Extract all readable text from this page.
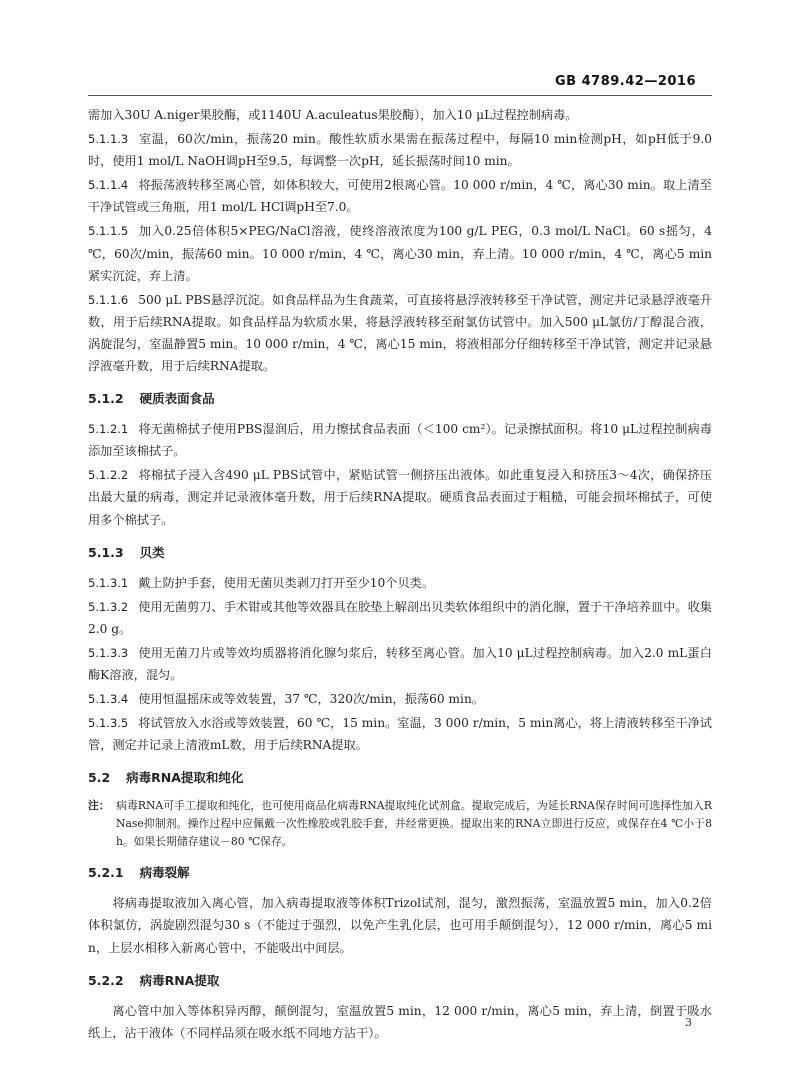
GB 4789.42—2016
需加入30U A.niger果胶酶，或1140U A.aculeatus果胶酶），加入10 μL过程控制病毒。
5.1.1.3 室温，60次/min，振荡20 min。酸性软质水果需在振荡过程中，每隔10 min检测pH，如pH低于9.0时，使用1 mol/L NaOH调pH至9.5，每调整一次pH，延长振荡时间10 min。
5.1.1.4 将振荡液转移至离心管，如体积较大，可使用2根离心管。10 000 r/min，4 ℃，离心30 min。取上清至干净试管或三角瓶，用1 mol/L HCl调pH至7.0。
5.1.1.5 加入0.25倍体积5×PEG/NaCl溶液，使终溶液浓度为100 g/L PEG，0.3 mol/L NaCl。60 s摇匀，4 ℃，60次/min，振荡60 min。10 000 r/min，4 ℃，离心30 min，弃上清。10 000 r/min，4 ℃，离心5 min紧实沉淀，弃上清。
5.1.1.6 500 μL PBS悬浮沉淀。如食品样品为生食蔬菜，可直接将悬浮液转移至干净试管，测定并记录悬浮液毫升数，用于后续RNA提取。如食品样品为软质水果，将悬浮液转移至耐氯仿试管中。加入500 μL氯仿/丁醇混合液，涡旋混匀，室温静置5 min。10 000 r/min，4 ℃，离心15 min，将液相部分仔细转移至干净试管，测定并记录悬浮液毫升数，用于后续RNA提取。
5.1.2 硬质表面食品
5.1.2.1 将无菌棉拭子使用PBS湿润后，用力擦拭食品表面（＜100 cm²）。记录擦拭面积。将10 μL过程控制病毒添加至该棉拭子。
5.1.2.2 将棉拭子浸入含490 μL PBS试管中，紧贴试管一侧挤压出液体。如此重复浸入和挤压3～4次，确保挤压出最大量的病毒，测定并记录液体毫升数，用于后续RNA提取。硬质食品表面过于粗糙，可能会损坏棉拭子，可使用多个棉拭子。
5.1.3 贝类
5.1.3.1 戴上防护手套，使用无菌贝类剥刀打开至少10个贝类。
5.1.3.2 使用无菌剪刀、手术钳或其他等效器具在胶垫上解剖出贝类软体组织中的消化腺，置于干净培养皿中。收集2.0 g。
5.1.3.3 使用无菌刀片或等效均质器将消化腺匀浆后，转移至离心管。加入10 μL过程控制病毒。加入2.0 mL蛋白酶K溶液，混匀。
5.1.3.4 使用恒温摇床或等效装置，37 ℃，320次/min，振荡60 min。
5.1.3.5 将试管放入水浴或等效装置，60 ℃，15 min。室温，3 000 r/min，5 min离心，将上清液转移至干净试管，测定并记录上清液mL数，用于后续RNA提取。
5.2 病毒RNA提取和纯化
注： 病毒RNA可手工提取和纯化，也可使用商品化病毒RNA提取纯化试剂盒。提取完成后，为延长RNA保存时间可选择性加入RNase抑制剂。操作过程中应佩戴一次性橡胶或乳胶手套，并经常更换。提取出来的RNA立即进行反应，或保存在4 ℃小于8 h。如果长期储存建议－80 ℃保存。
5.2.1 病毒裂解
将病毒提取液加入离心管，加入病毒提取液等体积Trizol试剂，混匀，激烈振荡，室温放置5 min，加入0.2倍体积氯仿，涡旋剧烈混匀30 s（不能过于强烈，以免产生乳化层，也可用手颠倒混匀），12 000 r/min，离心5 min，上层水相移入新离心管中，不能吸出中间层。
5.2.2 病毒RNA提取
离心管中加入等体积异丙醇，颠倒混匀，室温放置5 min，12 000 r/min，离心5 min，弃上清，倒置于吸水纸上，沾干液体（不同样品须在吸水纸不同地方沾干）。
3
